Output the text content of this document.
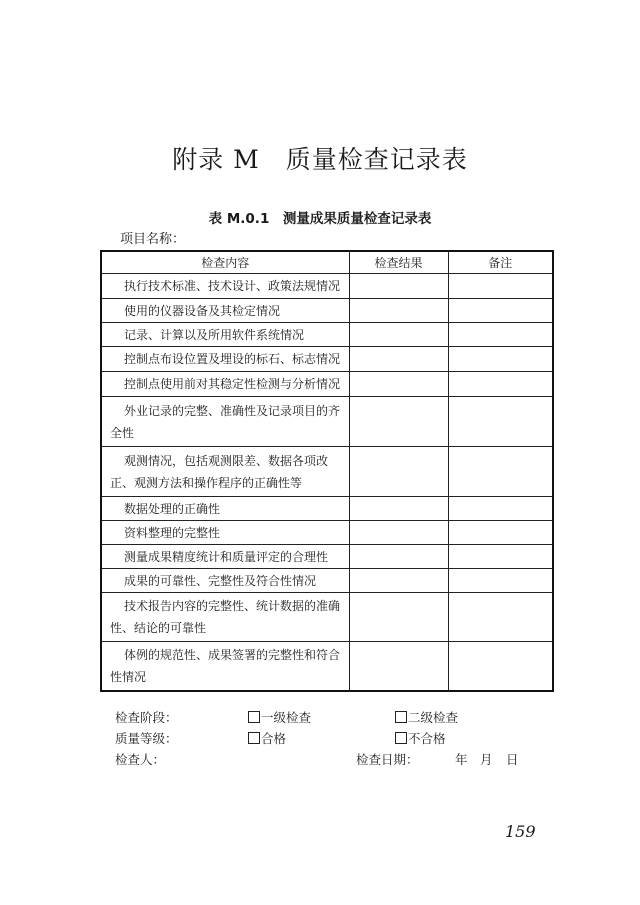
附录 M　质量检查记录表
表 M.0.1　测量成果质量检查记录表
项目名称：
检查内容	检查结果	备注
执行技术标准、技术设计、政策法规情况		
使用的仪器设备及其检定情况		
记录、计算以及所用软件系统情况		
控制点布设位置及埋设的标石、标志情况		
控制点使用前对其稳定性检测与分析情况		
外业记录的完整、准确性及记录项目的齐全性		
观测情况，包括观测限差、数据各项改正、观测方法和操作程序的正确性等		
数据处理的正确性		
资料整理的完整性		
测量成果精度统计和质量评定的合理性		
成果的可靠性、完整性及符合性情况		
技术报告内容的完整性、统计数据的准确性、结论的可靠性		
体例的规范性、成果签署的完整性和符合性情况		
检查阶段：	一级检查	二级检查
质量等级：	合格	不合格
检查人：	检查日期：	年 月 日
159
